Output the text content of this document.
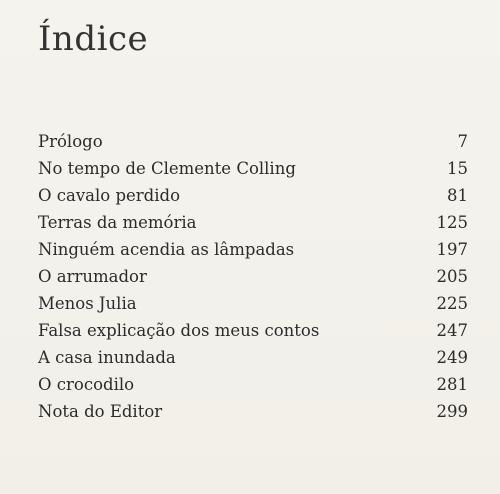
Índice
Prólogo	7
No tempo de Clemente Colling	15
O cavalo perdido	81
Terras da memória	125
Ninguém acendia as lâmpadas	197
O arrumador	205
Menos Julia	225
Falsa explicação dos meus contos	247
A casa inundada	249
O crocodilo	281
Nota do Editor	299
